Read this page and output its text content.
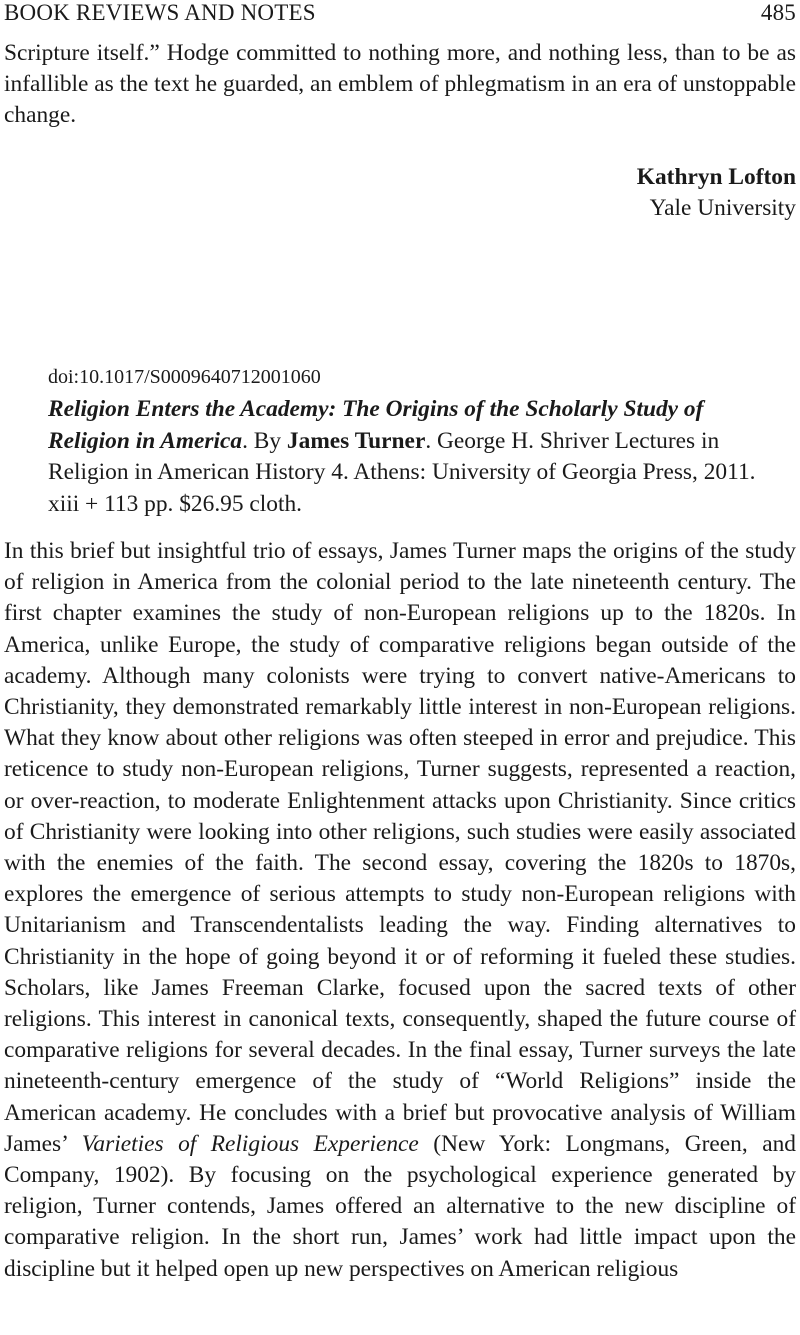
BOOK REVIEWS AND NOTES	485

Scripture itself.” Hodge committed to nothing more, and nothing less, than to be as infallible as the text he guarded, an emblem of phlegmatism in an era of unstoppable change.

Kathryn Lofton
Yale University
doi:10.1017/S0009640712001060
Religion Enters the Academy: The Origins of the Scholarly Study of Religion in America. By James Turner. George H. Shriver Lectures in Religion in American History 4. Athens: University of Georgia Press, 2011. xiii + 113 pp. $26.95 cloth.

In this brief but insightful trio of essays, James Turner maps the origins of the study of religion in America from the colonial period to the late nineteenth century. The first chapter examines the study of non-European religions up to the 1820s. In America, unlike Europe, the study of comparative religions began outside of the academy. Although many colonists were trying to convert native-Americans to Christianity, they demonstrated remarkably little interest in non-European religions. What they know about other religions was often steeped in error and prejudice. This reticence to study non-European religions, Turner suggests, represented a reaction, or over-reaction, to moderate Enlightenment attacks upon Christianity. Since critics of Christianity were looking into other religions, such studies were easily associated with the enemies of the faith. The second essay, covering the 1820s to 1870s, explores the emergence of serious attempts to study non-European religions with Unitarianism and Transcendentalists leading the way. Finding alternatives to Christianity in the hope of going beyond it or of reforming it fueled these studies. Scholars, like James Freeman Clarke, focused upon the sacred texts of other religions. This interest in canonical texts, consequently, shaped the future course of comparative religions for several decades. In the final essay, Turner surveys the late nineteenth-century emergence of the study of “World Religions” inside the American academy. He concludes with a brief but provocative analysis of William James’ Varieties of Religious Experience (New York: Longmans, Green, and Company, 1902). By focusing on the psychological experience generated by religion, Turner contends, James offered an alternative to the new discipline of comparative religion. In the short run, James’ work had little impact upon the discipline but it helped open up new perspectives on American religious
